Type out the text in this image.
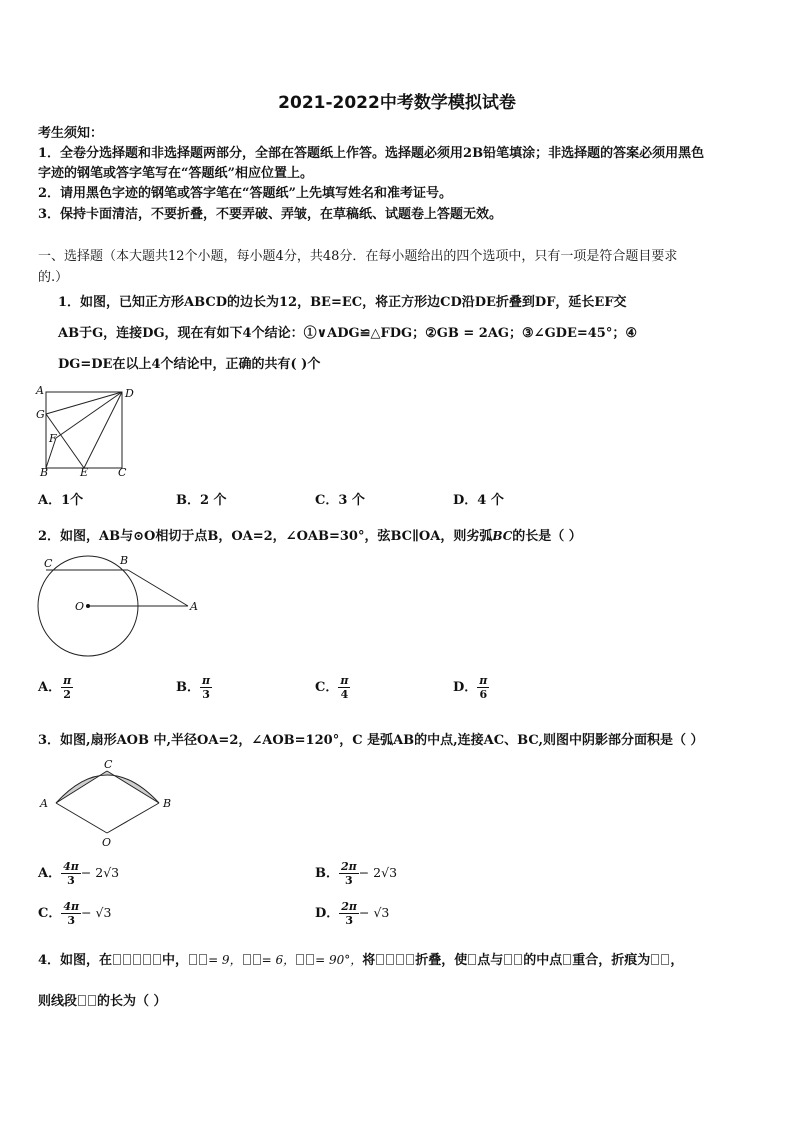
2021-2022中考数学模拟试卷
考生须知：
1．全卷分选择题和非选择题两部分，全部在答题纸上作答。选择题必须用2B铅笔填涂；非选择题的答案必须用黑色
字迹的钢笔或答字笔写在“答题纸”相应位置上。
2．请用黑色字迹的钢笔或答字笔在“答题纸”上先填写姓名和准考证号。
3．保持卡面清洁，不要折叠，不要弄破、弄皱，在草稿纸、试题卷上答题无效。
一、选择题（本大题共12个小题，每小题4分，共48分．在每小题给出的四个选项中，只有一项是符合题目要求
的.）
1．如图，已知正方形ABCD的边长为12，BE=EC，将正方形边CD沿DE折叠到DF，延长EF交
AB于G，连接DG，现在有如下4个结论：①∨ADG≌△FDG；②GB = 2AG；③∠GDE=45°；④
DG=DE在以上4个结论中，正确的共有( )个
A	D
G
F
B	E	C
A．1个	B．2 个	C．3 个	D．4 个
2．如图，AB与⊙O相切于点B，OA=2，∠OAB=30°，弦BC∥OA，则劣弧BC的长是（ ）
C	B
O	A
A． $\frac{\pi}{2}$	B． $\frac{\pi}{3}$	C． $\frac{\pi}{4}$	D． $\frac{\pi}{6}$
3．如图,扇形AOB 中,半径OA=2，∠AOB=120°，C 是弧AB的中点,连接AC、BC,则图中阴影部分面积是（ ）
C
A	B
O
A． $\frac{4\pi}{3} - 2√3$	B． $\frac{2\pi}{3} - 2√3$
C． $\frac{4\pi}{3} - √3$	D． $\frac{2\pi}{3} - √3$
4．如图，在	中， = 9， = 6， = 90°，将	折叠，使 点与 的中点 重合，折痕为 ，
则线段 的长为（ ）
